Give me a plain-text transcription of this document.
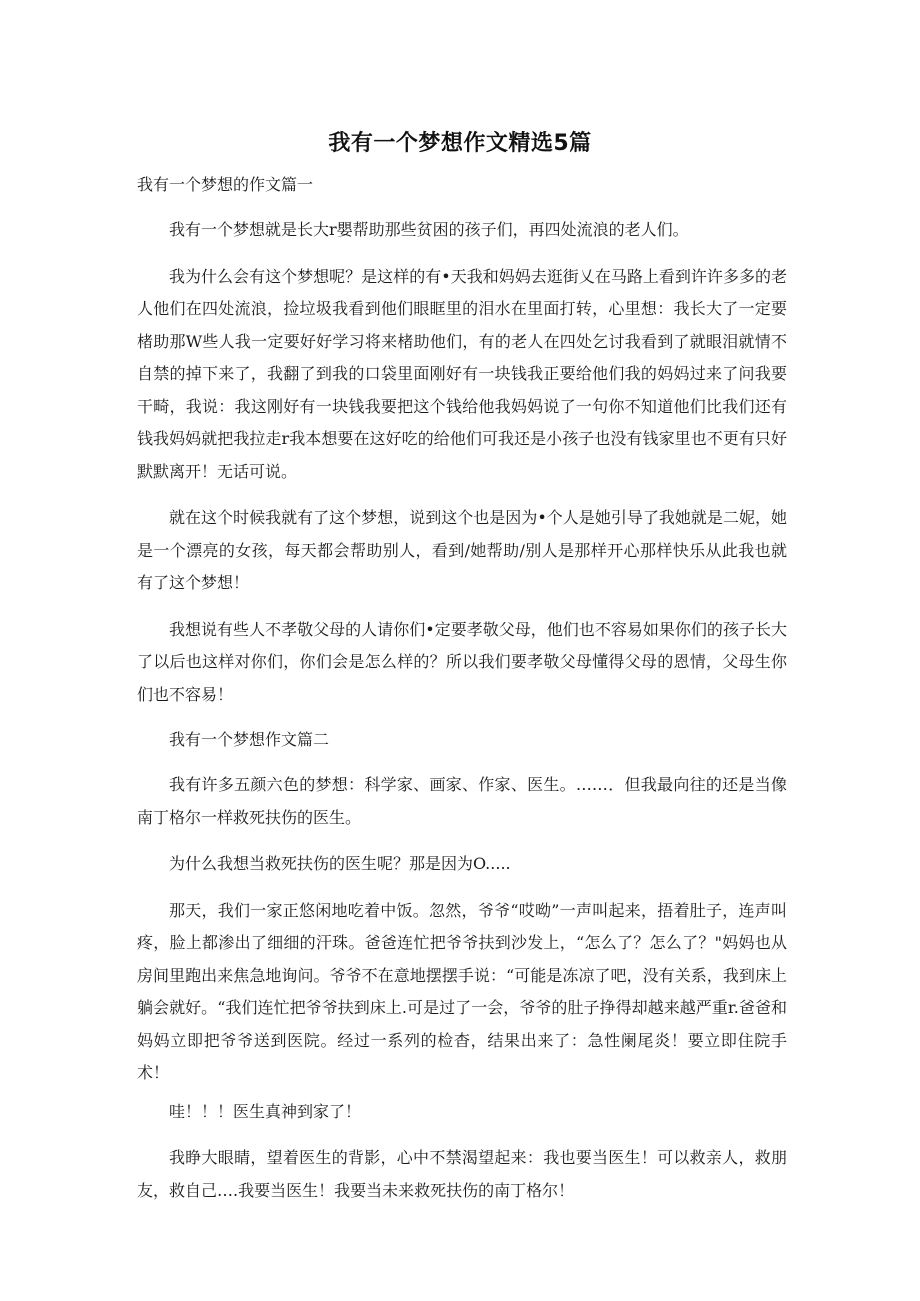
我有一个梦想作文精选5篇

我有一个梦想的作文篇一

我有一个梦想就是长大r嬰帮助那些贫困的孩子们，再四处流浪的老人们。

我为什么会有这个梦想呢？是这样的有•天我和妈妈去逛街乂在马路上看到许许多多的老人他们在四处流浪，捡垃圾我看到他们眼眶里的泪水在里面打转，心里想：我长大了一定要楮助那W些人我一定要好好学习将来楮助他们，有的老人在四处乞讨我看到了就眼泪就情不自禁的掉下来了，我翻了到我的口袋里面刚好有一块钱我正要给他们我的妈妈过来了问我要干畸，我说：我这刚好有一块钱我要把这个钱给他我妈妈说了一句你不知道他们比我们还有钱我妈妈就把我拉走r我本想要在这好吃的给他们可我还是小孩子也没有钱家里也不更有只好默默离开！无话可说。

就在这个时候我就有了这个梦想，说到这个也是因为•个人是她引导了我她就是二妮，她是一个漂亮的女孩，每天都会帮助别人，看到/她帮助/别人是那样开心那样快乐从此我也就有了这个梦想！

我想说有些人不孝敬父母的人请你们•定要孝敬父母，他们也不容易如果你们的孩子长大了以后也这样对你们，你们会是怎么样的？所以我们要孝敬父母懂得父母的恩情，父母生你们也不容易！

我有一个梦想作文篇二

我有许多五颜六色的梦想：科学家、画家、作家、医生。……．但我最向往的还是当像南丁格尔一样救死扶伤的医生。

为什么我想当救死扶伤的医生呢？那是因为O.....

那天，我们一家正悠闲地吃着中饭。忽然，爷爷“哎呦”一声叫起来，捂着肚子，连声叫疼，脸上都渗出了细细的汗珠。爸爸连忙把爷爷扶到沙发上，“怎么了？怎么了？"妈妈也从房间里跑出来焦急地询问。爷爷不在意地摆摆手说：“可能是冻凉了吧，没有关系，我到床上躺会就好。“我们连忙把爷爷扶到床上.可是过了一会，爷爷的肚子挣得却越来越严重r.爸爸和妈妈立即把爷爷送到医院。经过一系列的检杳，结果出来了：急性阑尾炎！要立即住院手术！

哇！！！医生真神到家了！

我睁大眼睛，望着医生的背影，心中不禁渴望起来：我也要当医生！可以救亲人，救朋友，救自己….我要当医生！我要当未来救死扶伤的南丁格尔！
